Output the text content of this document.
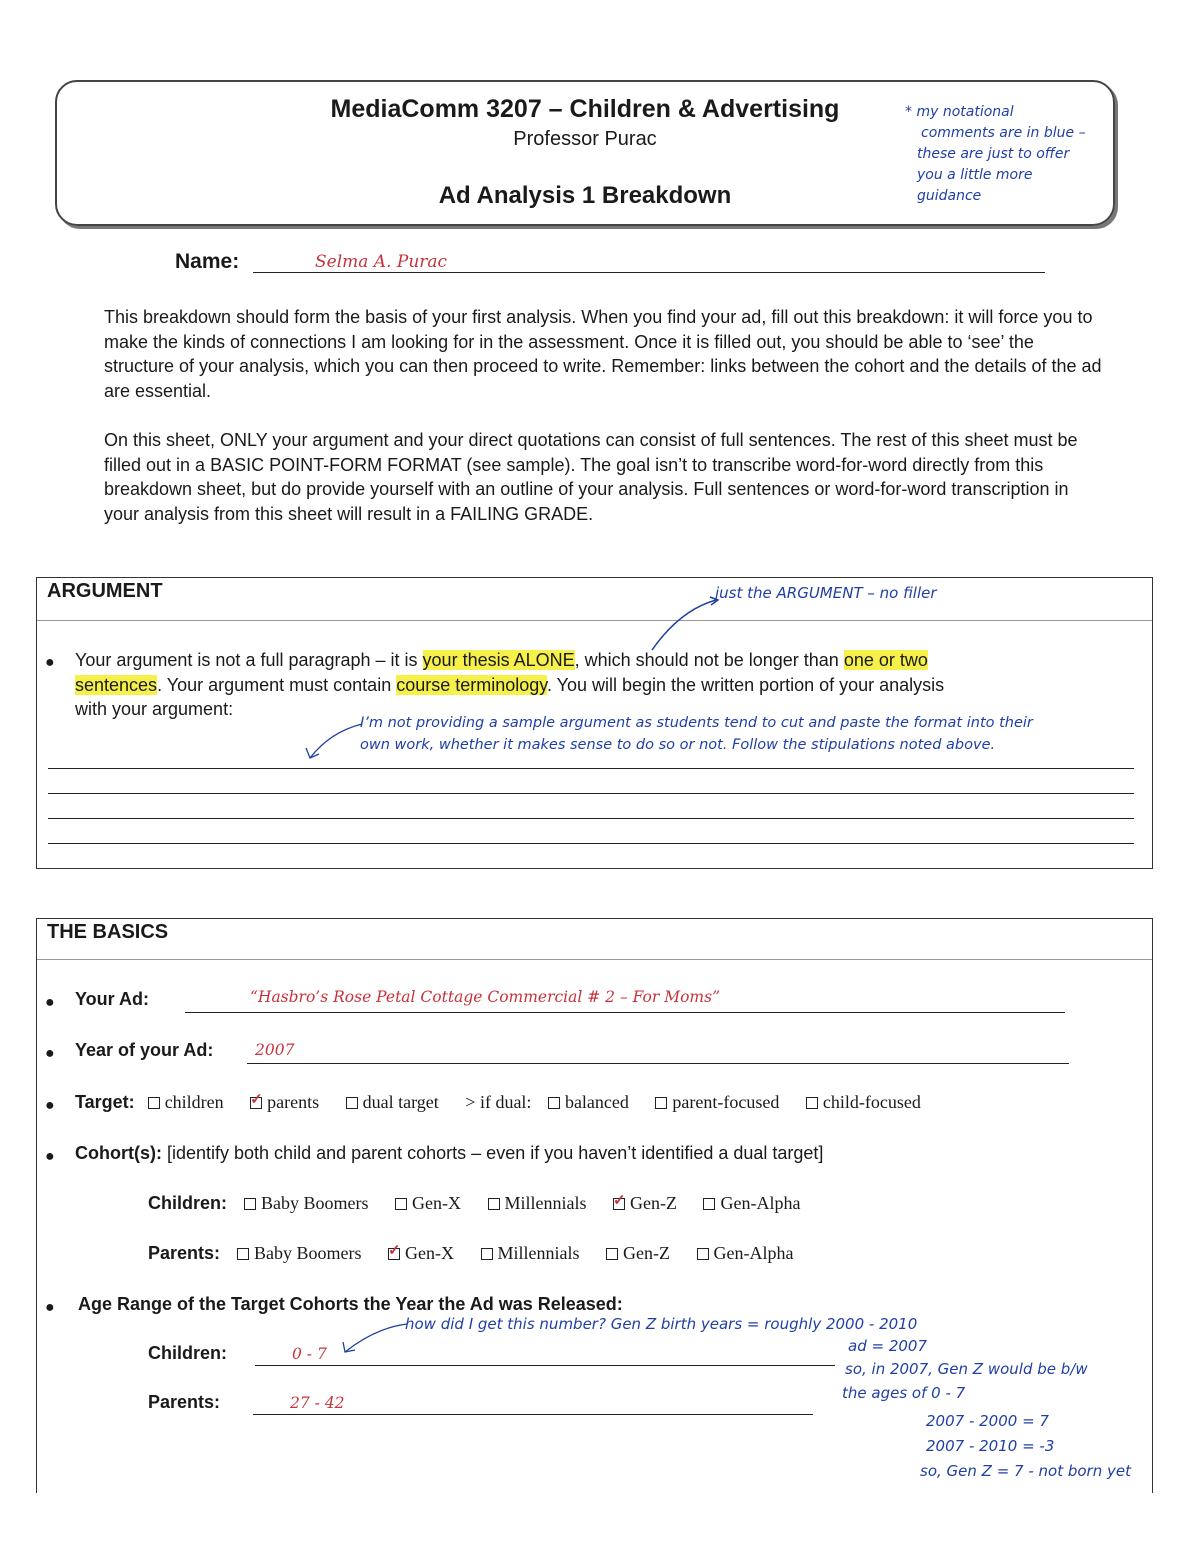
MediaComm 3207 – Children & Advertising
Professor Purac
Ad Analysis 1 Breakdown
* my notational
comments are in blue –
these are just to offer
you a little more
guidance
Name:	Selma A. Purac
This breakdown should form the basis of your first analysis. When you find your ad, fill out this breakdown: it will force you to make the kinds of connections I am looking for in the assessment. Once it is filled out, you should be able to ‘see’ the structure of your analysis, which you can then proceed to write. Remember: links between the cohort and the details of the ad are essential.
On this sheet, ONLY your argument and your direct quotations can consist of full sentences. The rest of this sheet must be filled out in a BASIC POINT-FORM FORMAT (see sample). The goal isn’t to transcribe word-for-word directly from this breakdown sheet, but do provide yourself with an outline of your analysis. Full sentences or word-for-word transcription in your analysis from this sheet will result in a FAILING GRADE.
ARGUMENT	just the ARGUMENT – no filler
● Your argument is not a full paragraph – it is your thesis ALONE, which should not be longer than one or two
sentences. Your argument must contain course terminology. You will begin the written portion of your analysis
with your argument:
I’m not providing a sample argument as students tend to cut and paste the format into their
own work, whether it makes sense to do so or not. Follow the stipulations noted above.
THE BASICS
● Your Ad:	“Hasbro’s Rose Petal Cottage Commercial # 2 – For Moms”
● Year of your Ad:	2007
● Target: children ✓ parents dual target > if dual: balanced parent-focused child-focused
● Cohort(s): [identify both child and parent cohorts – even if you haven’t identified a dual target]
Children: Baby Boomers Gen-X Millennials ✓ Gen-Z Gen-Alpha
Parents: Baby Boomers ✓ Gen-X Millennials Gen-Z Gen-Alpha
● Age Range of the Target Cohorts the Year the Ad was Released:
Children:	0 - 7
Parents:	27 - 42
how did I get this number? Gen Z birth years = roughly 2000 - 2010
ad = 2007
so, in 2007, Gen Z would be b/w
the ages of 0 - 7
2007 - 2000 = 7
2007 - 2010 = -3
so, Gen Z = 7 - not born yet
